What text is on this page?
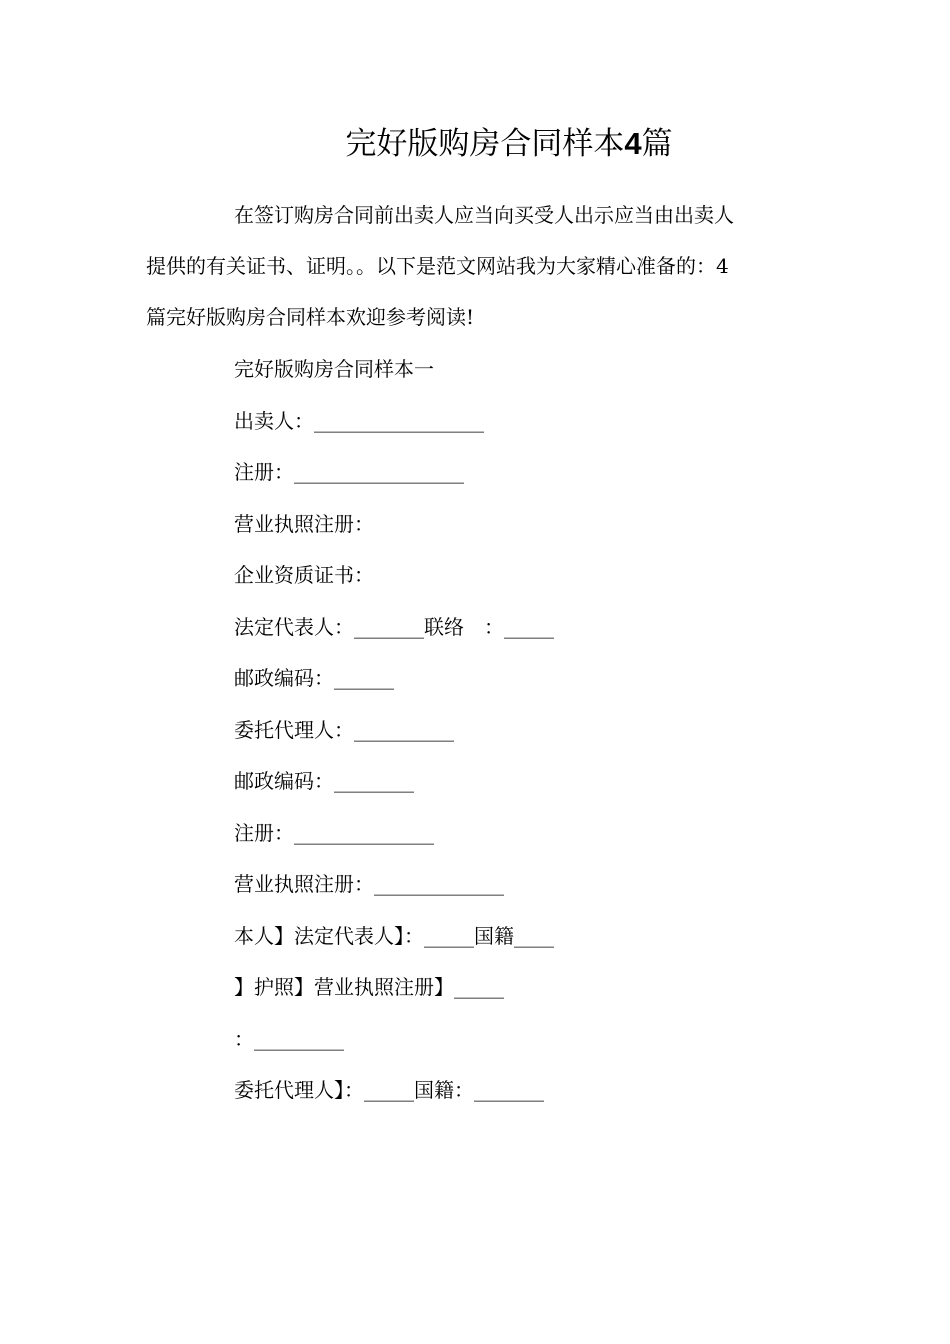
完好版购房合同样本4篇

在签订购房合同前出卖人应当向买受人出示应当由出卖人

提供的有关证书、证明。。以下是范文网站我为大家精心准备的：4

篇完好版购房合同样本欢迎参考阅读!

完好版购房合同样本一
出卖人：_________________
注册：_________________
营业执照注册：
企业资质证书：
法定代表人：_______联络　：_____
邮政编码：______
委托代理人：__________
邮政编码：________
注册：______________
营业执照注册：_____________
本人】法定代表人】：_____国籍____
】护照】营业执照注册】_____
：_________
委托代理人】：_____国籍：_______
